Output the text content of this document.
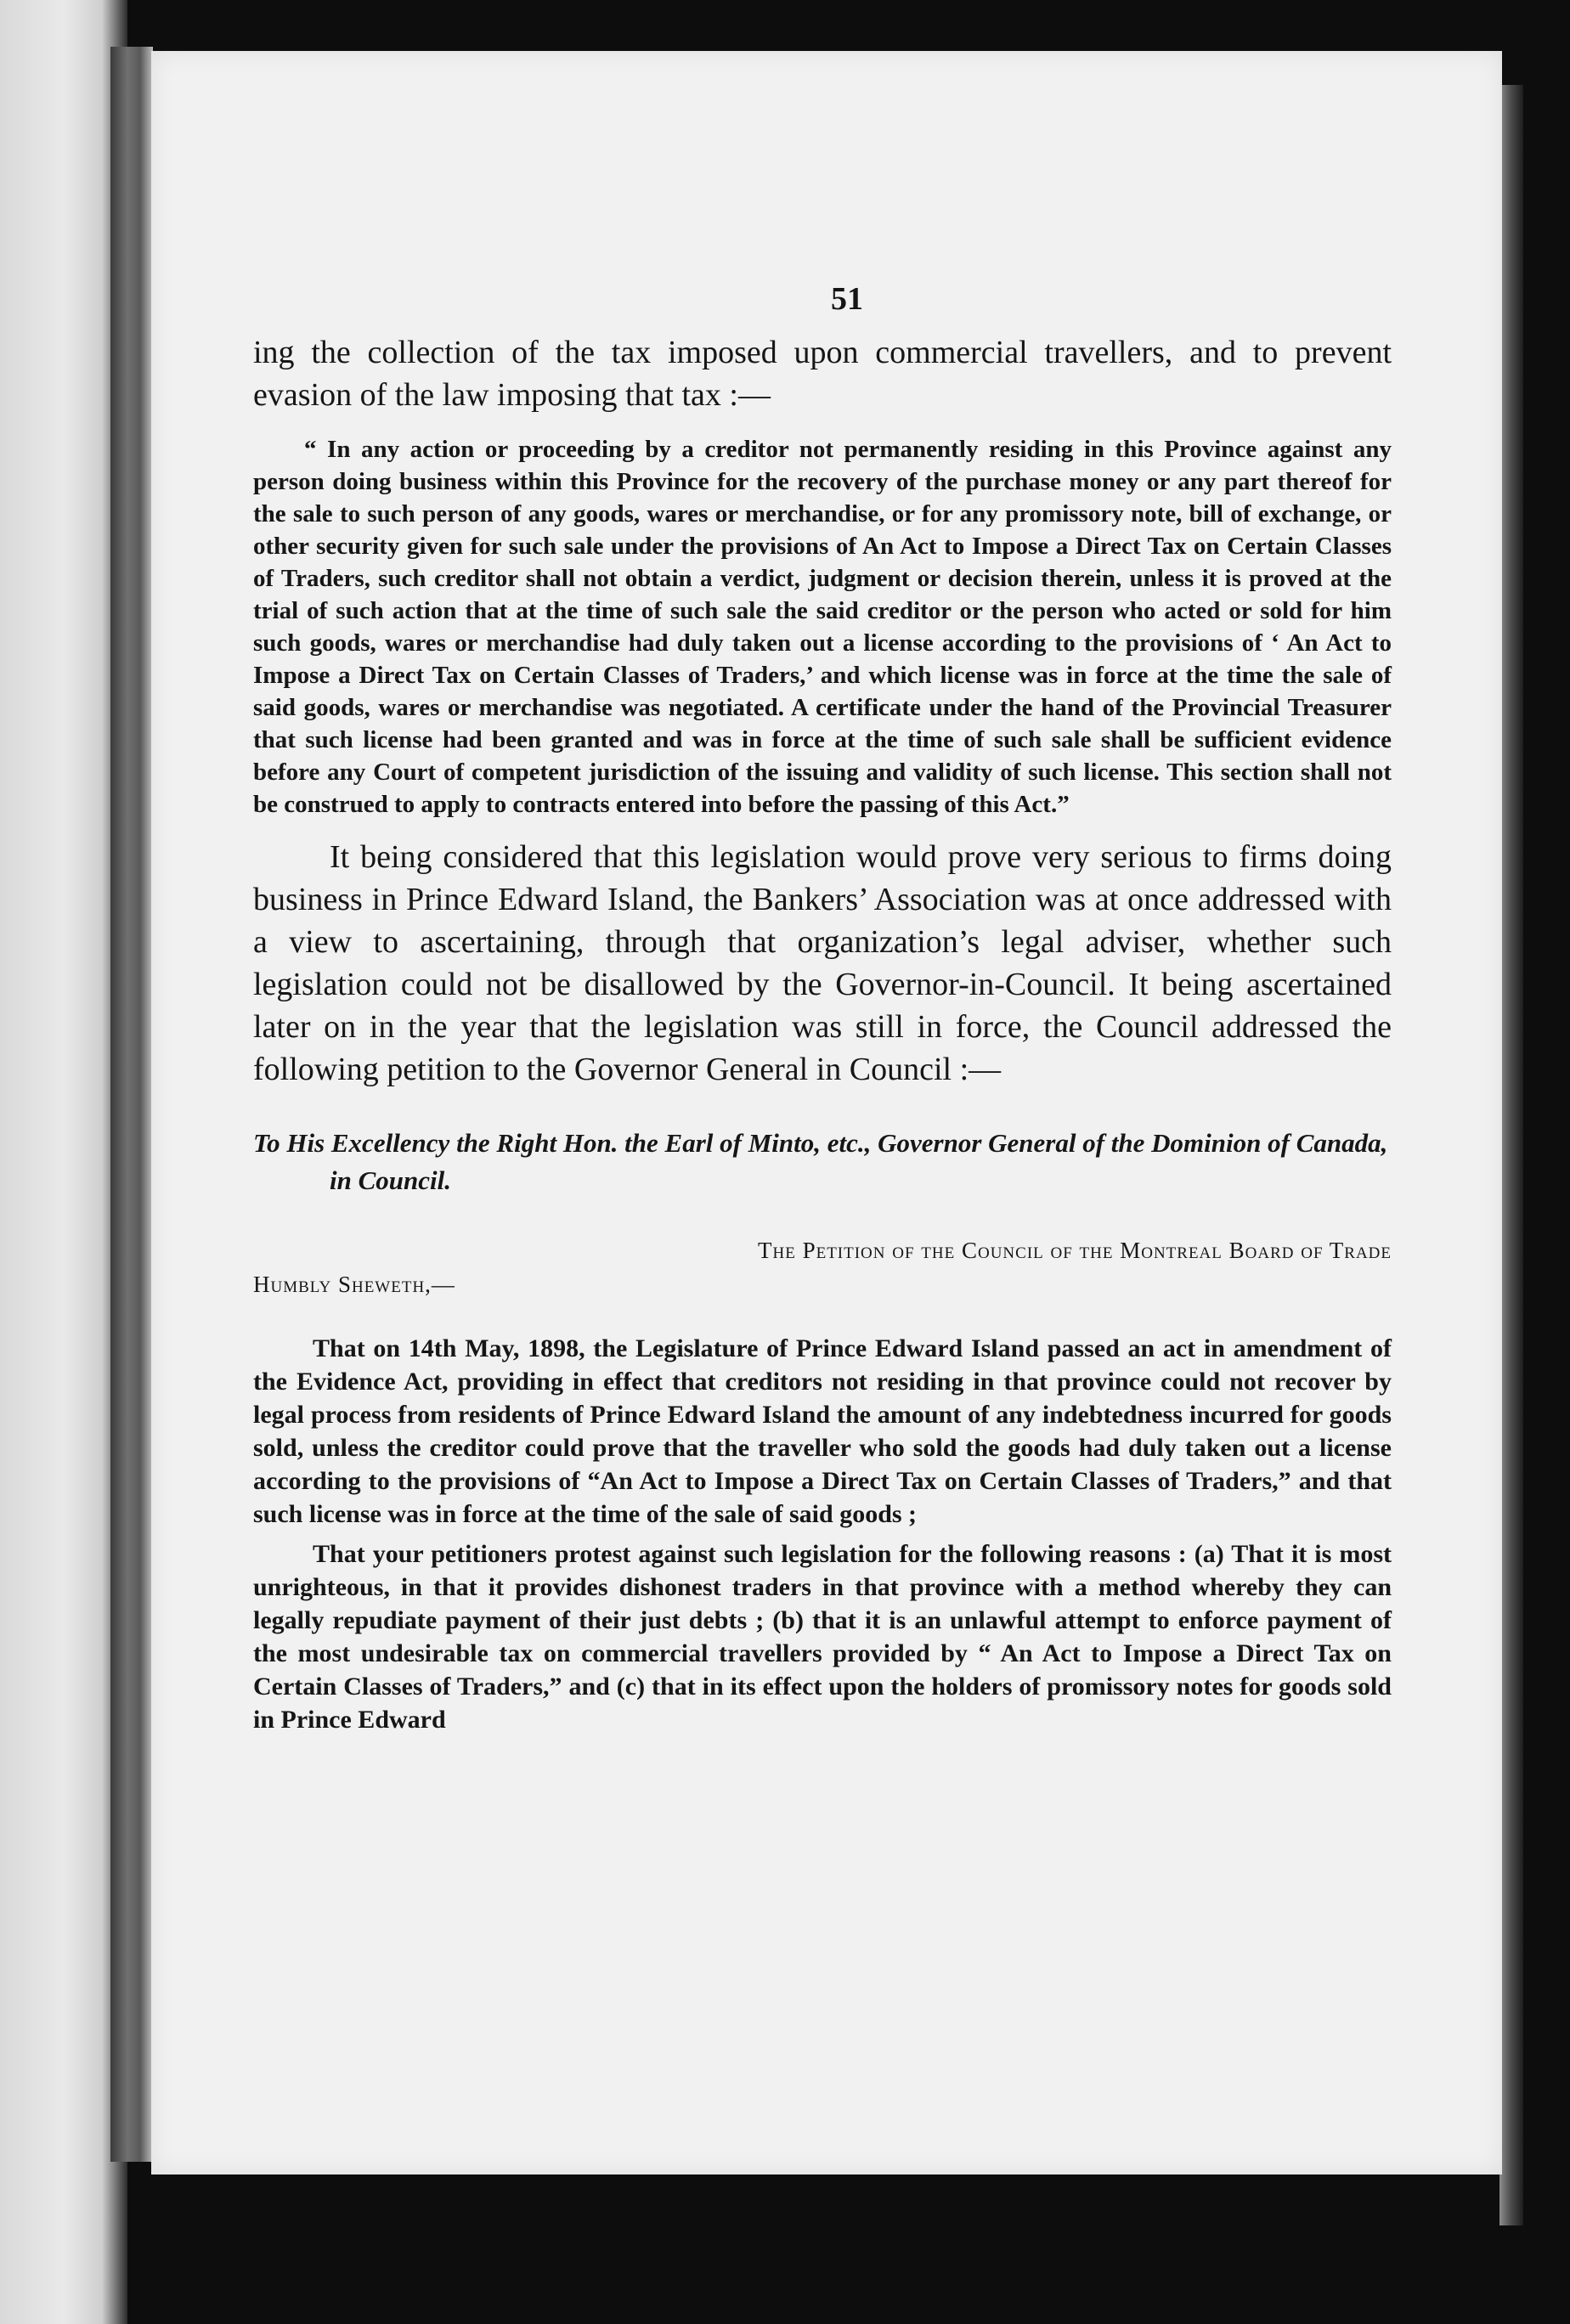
51

ing the collection of the tax imposed upon commercial travellers, and to prevent evasion of the law imposing that tax :—

“ In any action or proceeding by a creditor not permanently residing in this Province against any person doing business within this Province for the recovery of the purchase money or any part thereof for the sale to such person of any goods, wares or merchandise, or for any promissory note, bill of exchange, or other security given for such sale under the provisions of An Act to Impose a Direct Tax on Certain Classes of Traders, such creditor shall not obtain a verdict, judgment or decision therein, unless it is proved at the trial of such action that at the time of such sale the said creditor or the person who acted or sold for him such goods, wares or merchandise had duly taken out a license according to the provisions of ‘ An Act to Impose a Direct Tax on Certain Classes of Traders,’ and which license was in force at the time the sale of said goods, wares or merchandise was negotiated. A certificate under the hand of the Provincial Treasurer that such license had been granted and was in force at the time of such sale shall be sufficient evidence before any Court of competent jurisdiction of the issuing and validity of such license. This section shall not be construed to apply to contracts entered into before the passing of this Act.”

It being considered that this legislation would prove very serious to firms doing business in Prince Edward Island, the Bankers’ Association was at once addressed with a view to ascertaining, through that organization’s legal adviser, whether such legislation could not be disallowed by the Governor-in-Council. It being ascertained later on in the year that the legislation was still in force, the Council addressed the following petition to the Governor General in Council :—

To His Excellency the Right Hon. the Earl of Minto, etc., Governor General of the Dominion of Canada, in Council.

The Petition of the Council of the Montreal Board of Trade

Humbly Sheweth,—

That on 14th May, 1898, the Legislature of Prince Edward Island passed an act in amendment of the Evidence Act, providing in effect that creditors not residing in that province could not recover by legal process from residents of Prince Edward Island the amount of any indebtedness incurred for goods sold, unless the creditor could prove that the traveller who sold the goods had duly taken out a license according to the provisions of “An Act to Impose a Direct Tax on Certain Classes of Traders,” and that such license was in force at the time of the sale of said goods ;

That your petitioners protest against such legislation for the following reasons : (a) That it is most unrighteous, in that it provides dishonest traders in that province with a method whereby they can legally repudiate payment of their just debts ; (b) that it is an unlawful attempt to enforce payment of the most undesirable tax on commercial travellers provided by “ An Act to Impose a Direct Tax on Certain Classes of Traders,” and (c) that in its effect upon the holders of promissory notes for goods sold in Prince Edward
